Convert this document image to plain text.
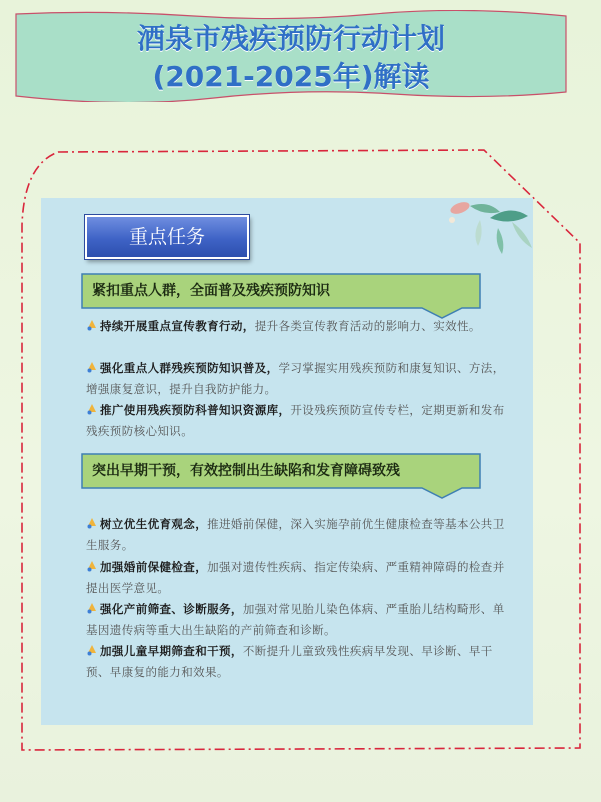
酒泉市残疾预防行动计划
(2021-2025年)解读
重点任务
紧扣重点人群，全面普及残疾预防知识
持续开展重点宣传教育行动，提升各类宣传教育活动的影响力、实效性。
强化重点人群残疾预防知识普及，学习掌握实用残疾预防和康复知识、方法，增强康复意识，提升自我防护能力。
推广使用残疾预防科普知识资源库，开设残疾预防宣传专栏，定期更新和发布残疾预防核心知识。
突出早期干预，有效控制出生缺陷和发育障碍致残
树立优生优育观念，推进婚前保健，深入实施孕前优生健康检查等基本公共卫生服务。
加强婚前保健检查，加强对遗传性疾病、指定传染病、严重精神障碍的检查并提出医学意见。
强化产前筛查、诊断服务，加强对常见胎儿染色体病、严重胎儿结构畸形、单基因遗传病等重大出生缺陷的产前筛查和诊断。
加强儿童早期筛查和干预，不断提升儿童致残性疾病早发现、早诊断、早干预、早康复的能力和效果。
